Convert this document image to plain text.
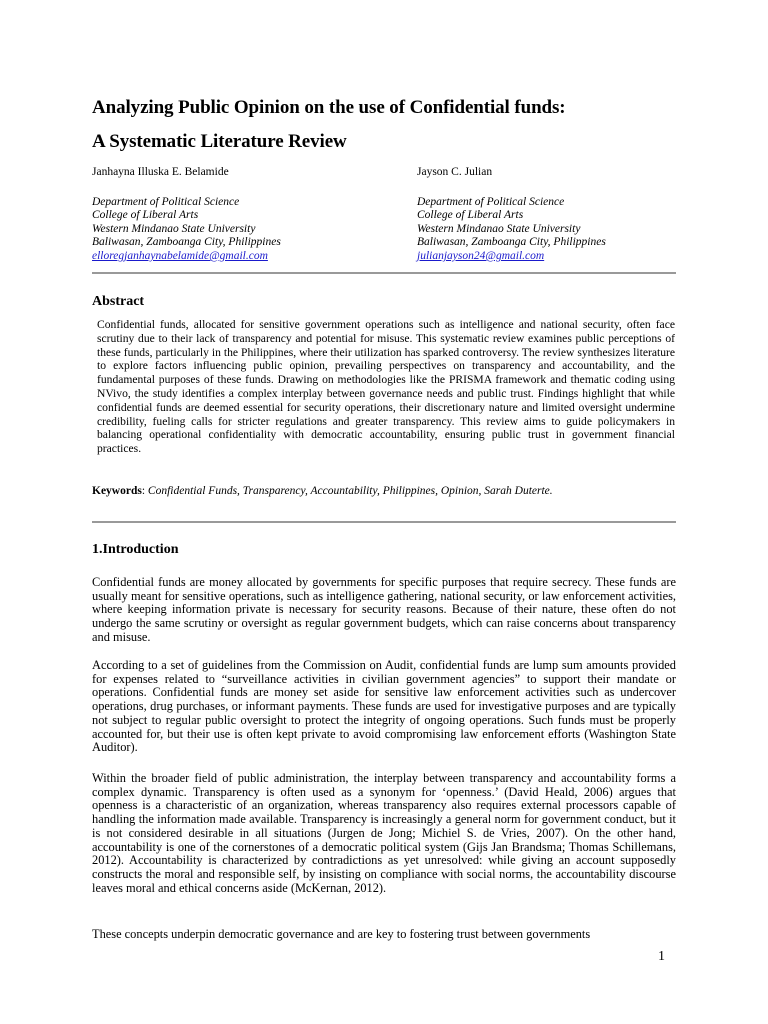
Analyzing Public Opinion on the use of Confidential funds:
A Systematic Literature Review
Janhayna Illuska E. Belamide
Department of Political Science
College of Liberal Arts
Western Mindanao State University
Baliwasan, Zamboanga City, Philippines
elloregjanhaynabelamide@gmail.com
Jayson C. Julian
Department of Political Science
College of Liberal Arts
Western Mindanao State University
Baliwasan, Zamboanga City, Philippines
julianjayson24@gmail.com
Abstract
Confidential funds, allocated for sensitive government operations such as intelligence and national security, often face scrutiny due to their lack of transparency and potential for misuse. This systematic review examines public perceptions of these funds, particularly in the Philippines, where their utilization has sparked controversy. The review synthesizes literature to explore factors influencing public opinion, prevailing perspectives on transparency and accountability, and the fundamental purposes of these funds. Drawing on methodologies like the PRISMA framework and thematic coding using NVivo, the study identifies a complex interplay between governance needs and public trust. Findings highlight that while confidential funds are deemed essential for security operations, their discretionary nature and limited oversight undermine credibility, fueling calls for stricter regulations and greater transparency. This review aims to guide policymakers in balancing operational confidentiality with democratic accountability, ensuring public trust in government financial practices.
Keywords: Confidential Funds, Transparency, Accountability, Philippines, Opinion, Sarah Duterte.
1.Introduction
Confidential funds are money allocated by governments for specific purposes that require secrecy. These funds are usually meant for sensitive operations, such as intelligence gathering, national security, or law enforcement activities, where keeping information private is necessary for security reasons. Because of their nature, these often do not undergo the same scrutiny or oversight as regular government budgets, which can raise concerns about transparency and misuse.
According to a set of guidelines from the Commission on Audit, confidential funds are lump sum amounts provided for expenses related to “surveillance activities in civilian government agencies” to support their mandate or operations. Confidential funds are money set aside for sensitive law enforcement activities such as undercover operations, drug purchases, or informant payments. These funds are used for investigative purposes and are typically not subject to regular public oversight to protect the integrity of ongoing operations. Such funds must be properly accounted for, but their use is often kept private to avoid compromising law enforcement efforts (Washington State Auditor).
Within the broader field of public administration, the interplay between transparency and accountability forms a complex dynamic. Transparency is often used as a synonym for ‘openness.’ (David Heald, 2006) argues that openness is a characteristic of an organization, whereas transparency also requires external processors capable of handling the information made available. Transparency is increasingly a general norm for government conduct, but it is not considered desirable in all situations (Jurgen de Jong; Michiel S. de Vries, 2007). On the other hand, accountability is one of the cornerstones of a democratic political system (Gijs Jan Brandsma; Thomas Schillemans, 2012). Accountability is characterized by contradictions as yet unresolved: while giving an account supposedly constructs the moral and responsible self, by insisting on compliance with social norms, the accountability discourse leaves moral and ethical concerns aside (McKernan, 2012).
These concepts underpin democratic governance and are key to fostering trust between governments
1
